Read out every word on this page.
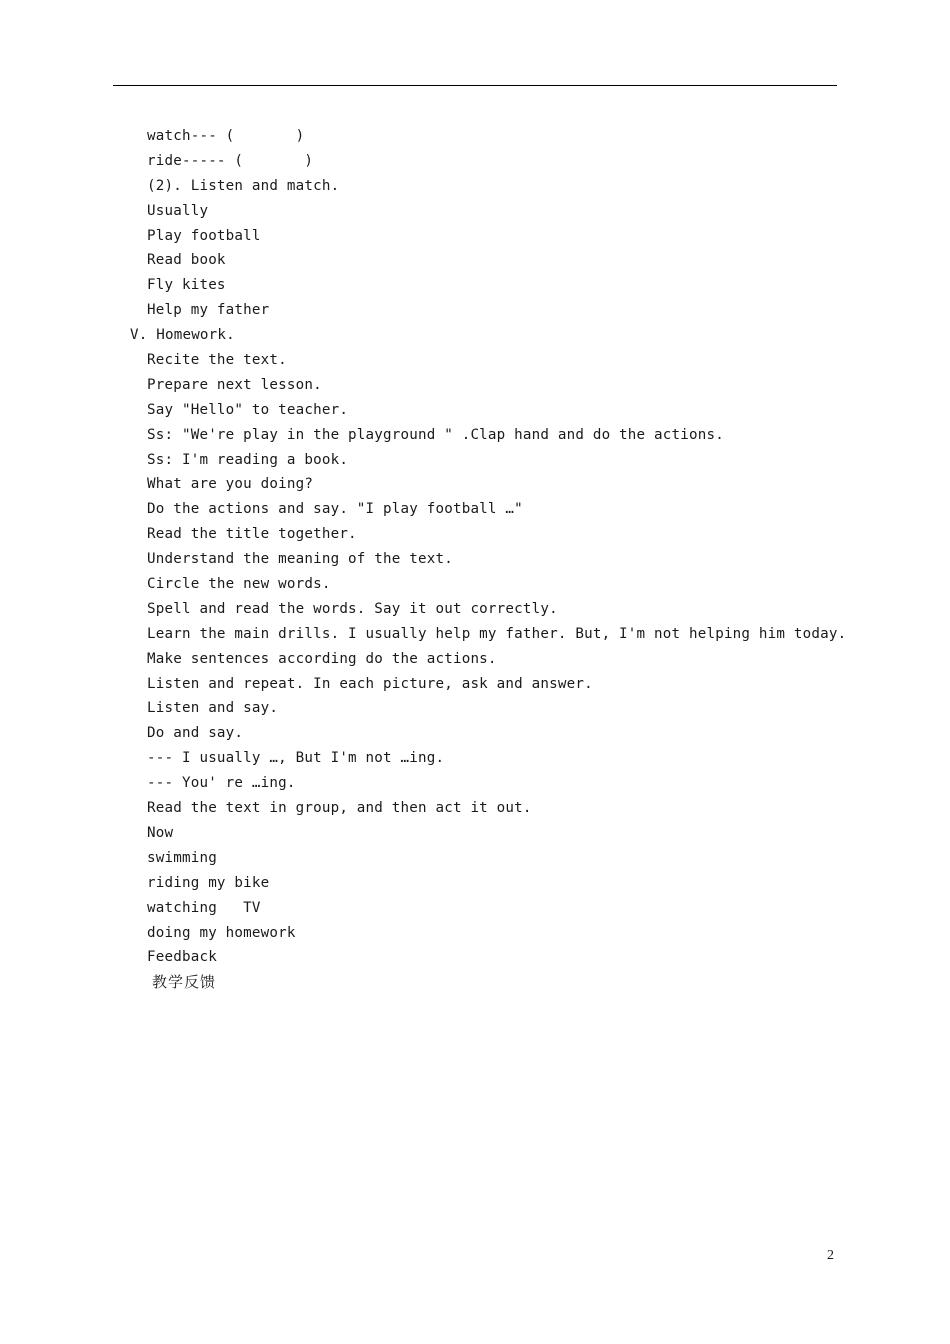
watch--- (       )
ride----- (       )
(2). Listen and match.
Usually
Play football
Read book
Fly kites
Help my father
V. Homework.
Recite the text.
Prepare next lesson.
Say "Hello" to teacher.
Ss: "We're play in the playground " .Clap hand and do the actions.
Ss: I'm reading a book.
What are you doing?
Do the actions and say. "I play football …"
Read the title together.
Understand the meaning of the text.
Circle the new words.
Spell and read the words. Say it out correctly.
Learn the main drills. I usually help my father. But, I'm not helping him today.
Make sentences according do the actions.
Listen and repeat. In each picture, ask and answer.
Listen and say.
Do and say.
--- I usually …, But I'm not …ing.
--- You' re …ing.
Read the text in group, and then act it out.
Now
swimming
riding my bike
watching   TV
doing my homework
Feedback
教学反馈
2
